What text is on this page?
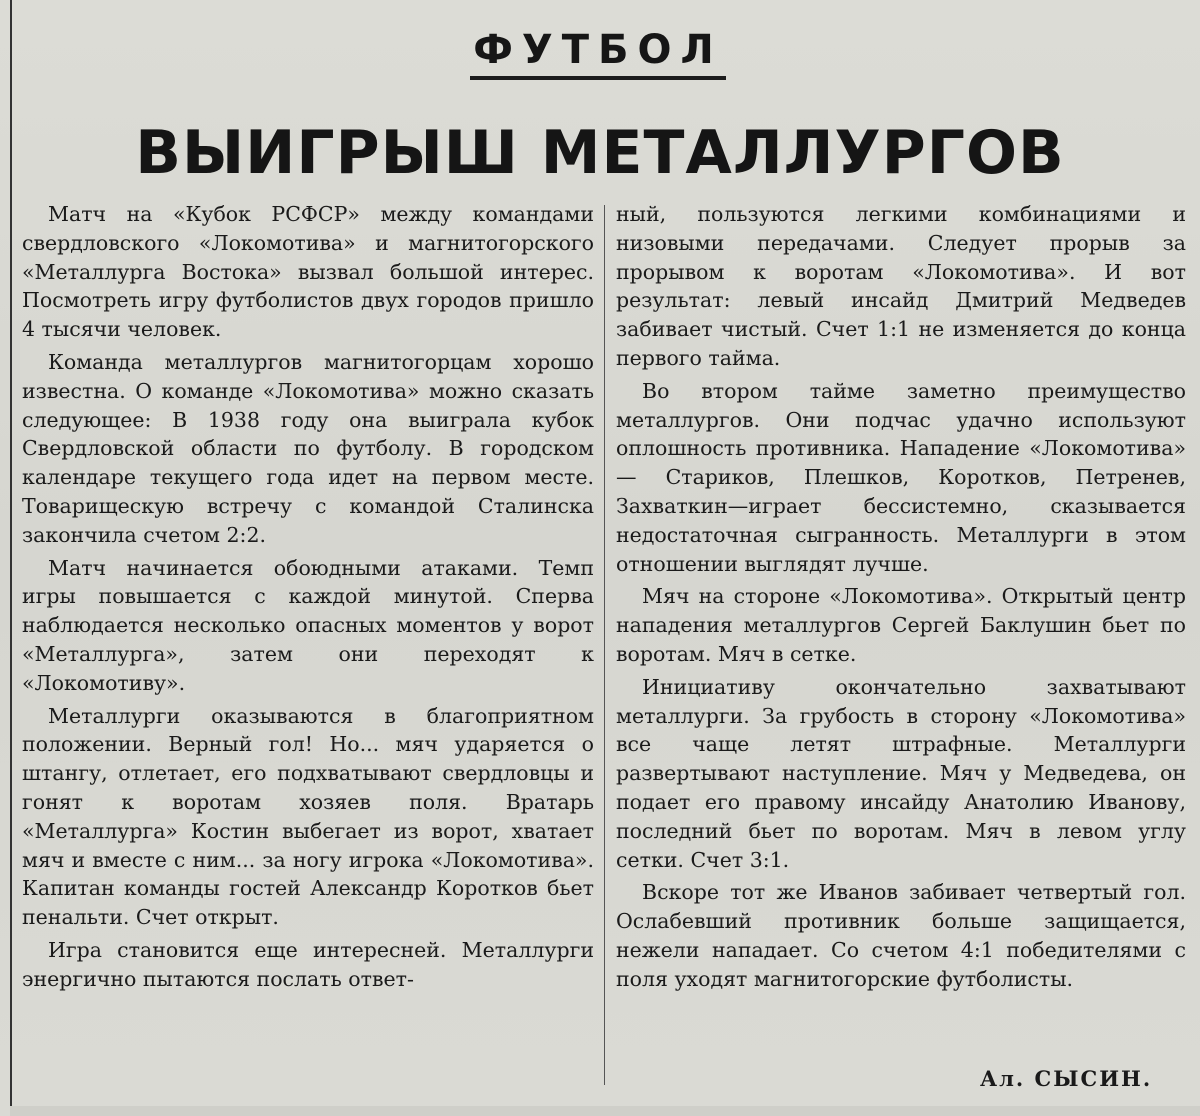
ФУТБОЛ
ВЫИГРЫШ МЕТАЛЛУРГОВ

Матч на «Кубок РСФСР» между командами свердловского «Локомотива» и магнитогорского «Металлурга Востока» вызвал большой интерес. Посмотреть игру футболистов двух городов пришло 4 тысячи человек.

Команда металлургов магнитогорцам хорошо известна. О команде «Локомотива» можно сказать следующее: В 1938 году она выиграла кубок Свердловской области по футболу. В городском календаре текущего года идет на первом месте. Товарищескую встречу с командой Сталинска закончила счетом 2:2.

Матч начинается обоюдными атаками. Темп игры повышается с каждой минутой. Сперва наблюдается несколько опасных моментов у ворот «Металлурга», затем они переходят к «Локомотиву».

Металлурги оказываются в благоприятном положении. Верный гол! Но... мяч ударяется о штангу, отлетает, его подхватывают свердловцы и гонят к воротам хозяев поля. Вратарь «Металлурга» Костин выбегает из ворот, хватает мяч и вместе с ним... за ногу игрока «Локомотива». Капитан команды гостей Александр Коротков бьет пенальти. Счет открыт.

Игра становится еще интересней. Металлурги энергично пытаются послать ответ-

ный, пользуются легкими комбинациями и низовыми передачами. Следует прорыв за прорывом к воротам «Локомотива». И вот результат: левый инсайд Дмитрий Медведев забивает чистый. Счет 1:1 не изменяется до конца первого тайма.

Во втором тайме заметно преимущество металлургов. Они подчас удачно используют оплошность противника. Нападение «Локомотива» — Стариков, Плешков, Коротков, Петренев, Захваткин—играет бессистемно, сказывается недостаточная сыгранность. Металлурги в этом отношении выглядят лучше.

Мяч на стороне «Локомотива». Открытый центр нападения металлургов Сергей Баклушин бьет по воротам. Мяч в сетке.

Инициативу окончательно захватывают металлурги. За грубость в сторону «Локомотива» все чаще летят штрафные. Металлурги развертывают наступление. Мяч у Медведева, он подает его правому инсайду Анатолию Иванову, последний бьет по воротам. Мяч в левом углу сетки. Счет 3:1.

Вскоре тот же Иванов забивает четвертый гол. Ослабевший противник больше защищается, нежели нападает. Со счетом 4:1 победителями с поля уходят магнитогорские футболисты.

Ал. СЫСИН.
